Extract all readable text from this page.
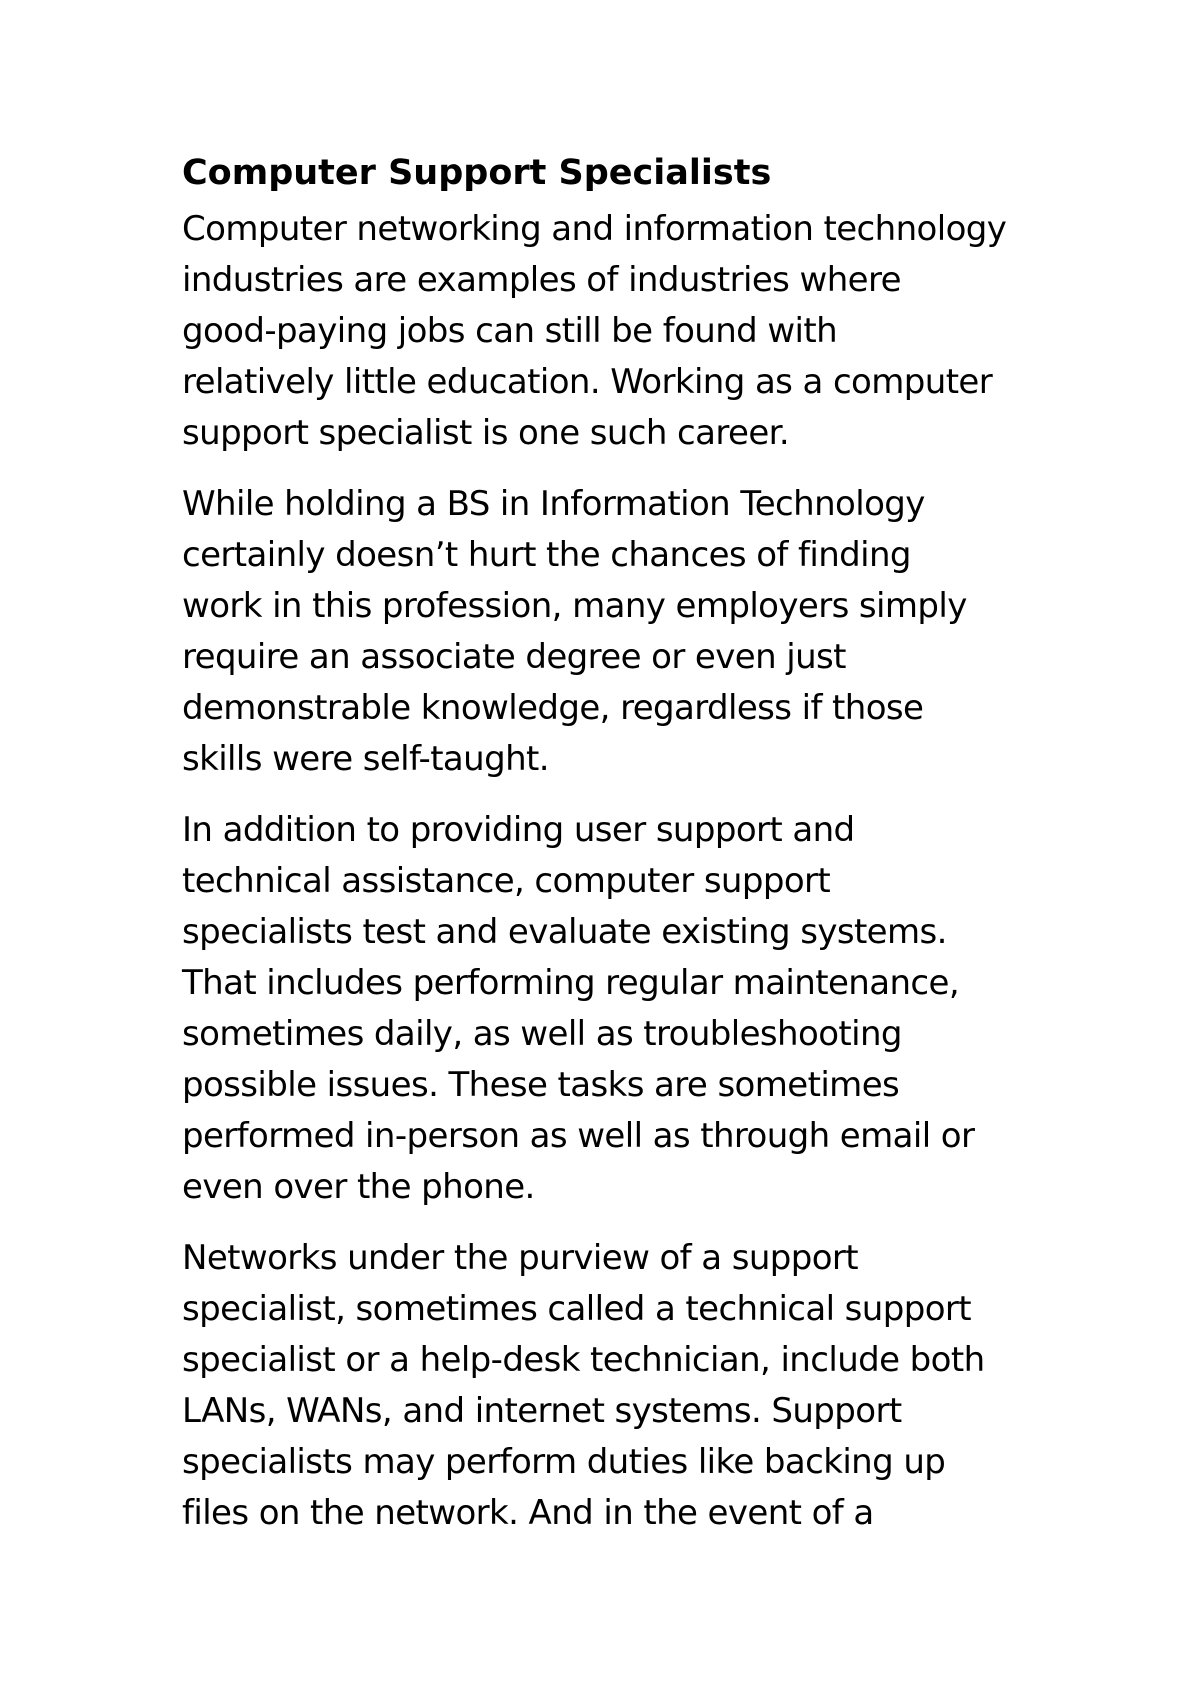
Computer Support Specialists

Computer networking and information technology
industries are examples of industries where
good-paying jobs can still be found with
relatively little education. Working as a computer
support specialist is one such career.

While holding a BS in Information Technology
certainly doesn’t hurt the chances of finding
work in this profession, many employers simply
require an associate degree or even just
demonstrable knowledge, regardless if those
skills were self-taught.

In addition to providing user support and
technical assistance, computer support
specialists test and evaluate existing systems.
That includes performing regular maintenance,
sometimes daily, as well as troubleshooting
possible issues. These tasks are sometimes
performed in-person as well as through email or
even over the phone.

Networks under the purview of a support
specialist, sometimes called a technical support
specialist or a help-desk technician, include both
LANs, WANs, and internet systems. Support
specialists may perform duties like backing up
files on the network. And in the event of a
